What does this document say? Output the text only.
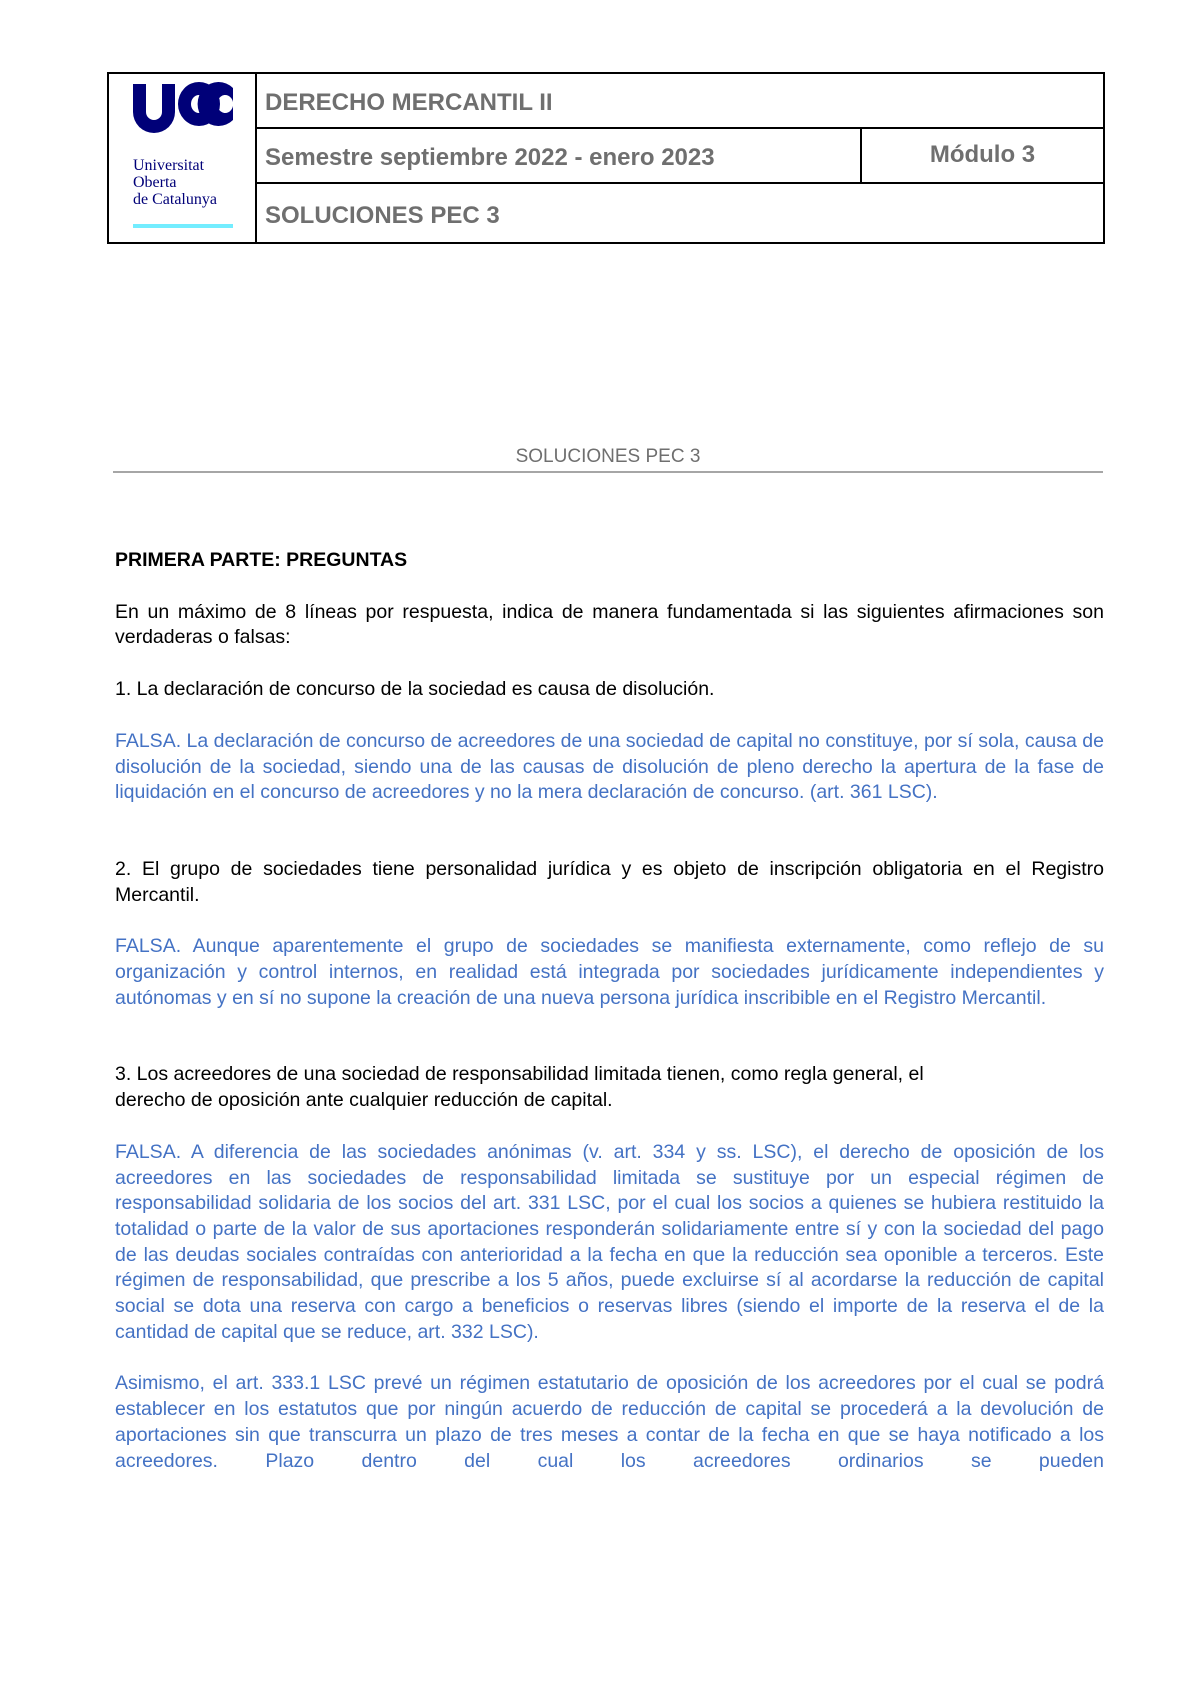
Universitat
Oberta
de Catalunya
DERECHO MERCANTIL II
Semestre septiembre 2022 - enero 2023	Módulo 3
SOLUCIONES PEC 3
SOLUCIONES PEC 3

PRIMERA PARTE: PREGUNTAS

En un máximo de 8 líneas por respuesta, indica de manera fundamentada si las siguientes afirmaciones son verdaderas o falsas:

1. La declaración de concurso de la sociedad es causa de disolución.

FALSA. La declaración de concurso de acreedores de una sociedad de capital no constituye, por sí sola, causa de disolución de la sociedad, siendo una de las causas de disolución de pleno derecho la apertura de la fase de liquidación en el concurso de acreedores y no la mera declaración de concurso. (art. 361 LSC).

2. El grupo de sociedades tiene personalidad jurídica y es objeto de inscripción obligatoria en el Registro Mercantil.

FALSA. Aunque aparentemente el grupo de sociedades se manifiesta externamente, como reflejo de su organización y control internos, en realidad está integrada por sociedades jurídicamente independientes y autónomas y en sí no supone la creación de una nueva persona jurídica inscribible en el Registro Mercantil.

3. Los acreedores de una sociedad de responsabilidad limitada tienen, como regla general, el

derecho de oposición ante cualquier reducción de capital.

FALSA. A diferencia de las sociedades anónimas (v. art. 334 y ss. LSC), el derecho de oposición de los acreedores en las sociedades de responsabilidad limitada se sustituye por un especial régimen de responsabilidad solidaria de los socios del art. 331 LSC, por el cual los socios a quienes se hubiera restituido la totalidad o parte de la valor de sus aportaciones responderán solidariamente entre sí y con la sociedad del pago de las deudas sociales contraídas con anterioridad a la fecha en que la reducción sea oponible a terceros. Este régimen de responsabilidad, que prescribe a los 5 años, puede excluirse sí al acordarse la reducción de capital social se dota una reserva con cargo a beneficios o reservas libres (siendo el importe de la reserva el de la cantidad de capital que se reduce, art. 332 LSC).

Asimismo, el art. 333.1 LSC prevé un régimen estatutario de oposición de los acreedores por el cual se podrá establecer en los estatutos que por ningún acuerdo de reducción de capital se procederá a la devolución de aportaciones sin que transcurra un plazo de tres meses a contar de la fecha en que se haya notificado a los acreedores. Plazo dentro del cual los acreedores ordinarios se pueden
